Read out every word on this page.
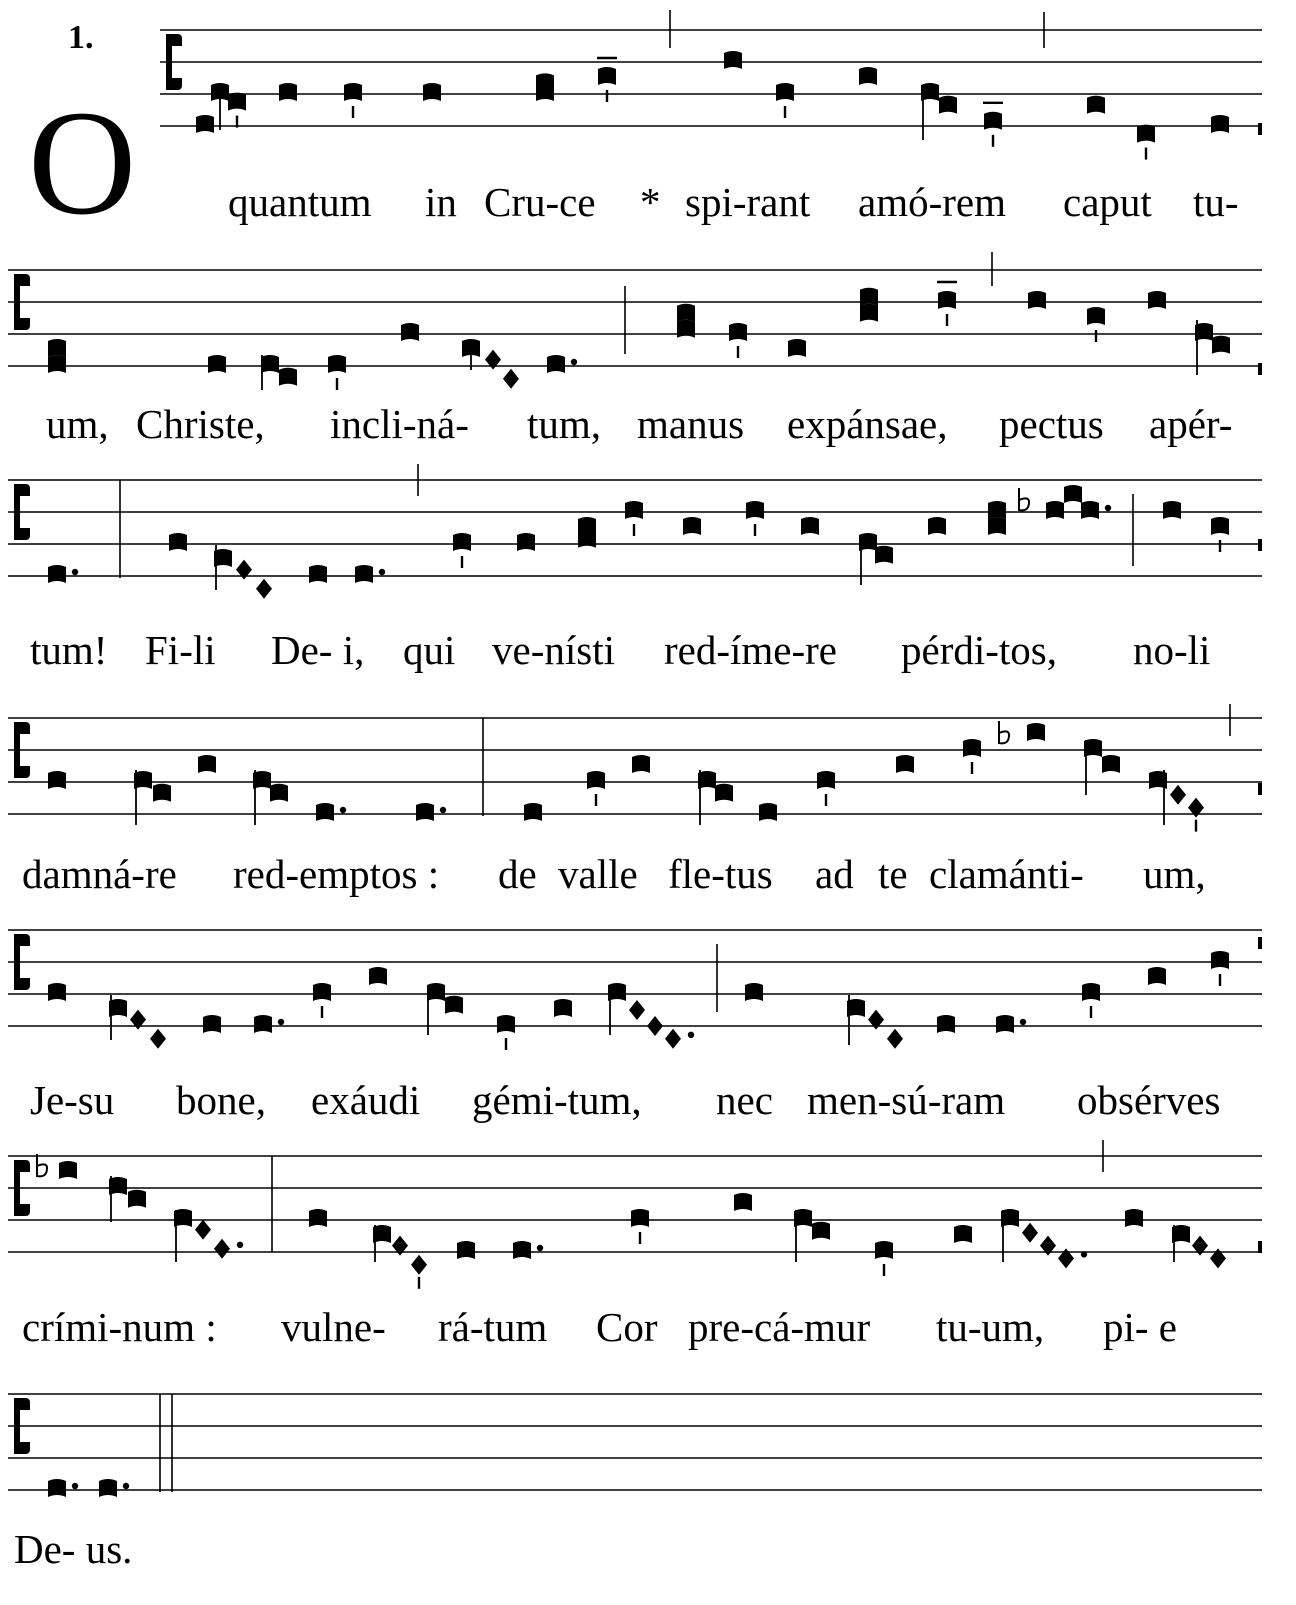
1.
O quantum in Cru-ce * spi-rant amó-rem caput tu-
um, Christe, incli-ná- tum, manus expánsae, pectus apér-
tum! Fi-li De- i, qui ve-nísti red-íme-re pérdi-tos, no-li
damná-re red-emptos : de valle fle-tus ad te clamánti- um,
Je-su bone, exáudi gémi-tum, nec men-sú-ram obsérves
crími-num : vulne- rá-tum Cor pre-cá-mur tu-um, pi- e
De- us.
